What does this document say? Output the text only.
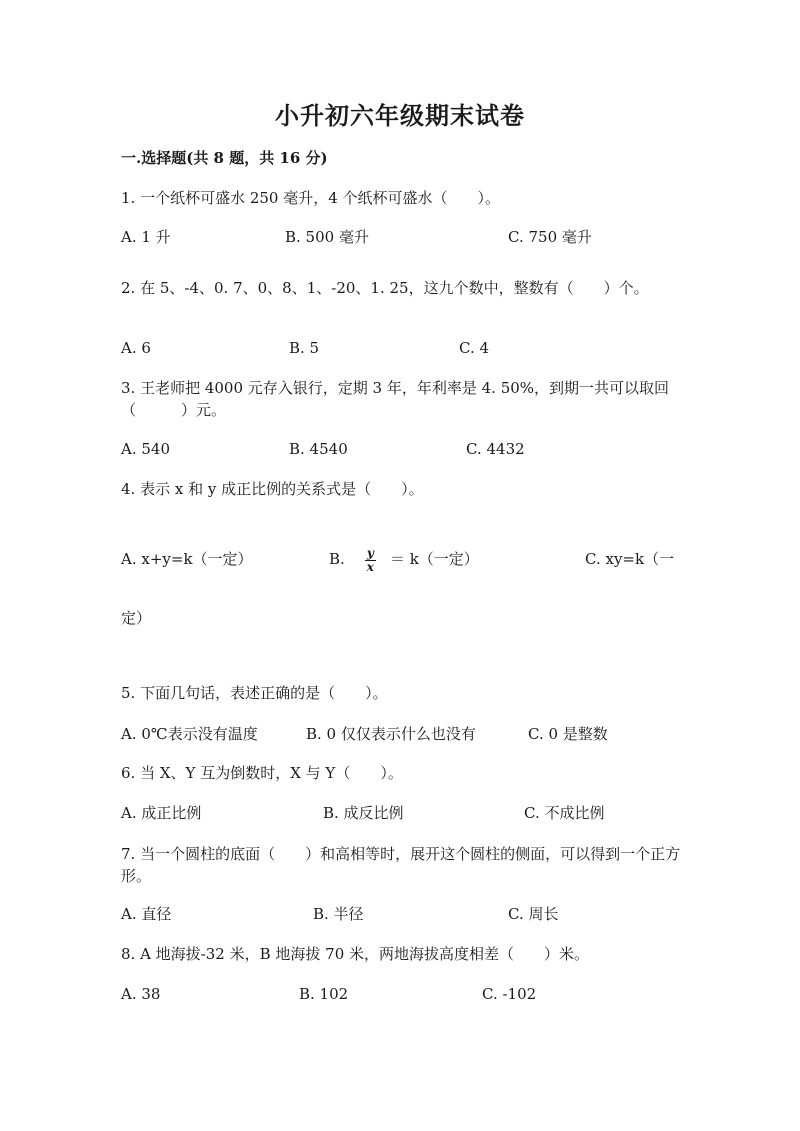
小升初六年级期末试卷
一.选择题(共 8 题，共 16 分)
1. 一个纸杯可盛水 250 毫升，4 个纸杯可盛水（　　）。
A. 1 升	B. 500 毫升	C. 750 毫升
2. 在 5、-4、0. 7、0、8、1、-20、1. 25，这九个数中，整数有（　　）个。
A. 6	B. 5	C. 4
3. 王老师把 4000 元存入银行，定期 3 年，年利率是 4. 50%，到期一共可以取回（　　　）元。
A. 540	B. 4540	C. 4432
4. 表示 x 和 y 成正比例的关系式是（　　）。
A. x+y=k（一定）	B. $\frac{y}{x} = k$（一定）	C. xy=k（一
定）
5. 下面几句话，表述正确的是（　　）。
A. 0℃表示没有温度	B. 0 仅仅表示什么也没有	C. 0 是整数
6. 当 X、Y 互为倒数时，X 与 Y（　　）。
A. 成正比例	B. 成反比例	C. 不成比例
7. 当一个圆柱的底面（　　）和高相等时，展开这个圆柱的侧面，可以得到一个正方形。
A. 直径	B. 半径	C. 周长
8. A 地海拔-32 米，B 地海拔 70 米，两地海拔高度相差（　　）米。
A. 38	B. 102	C. -102
